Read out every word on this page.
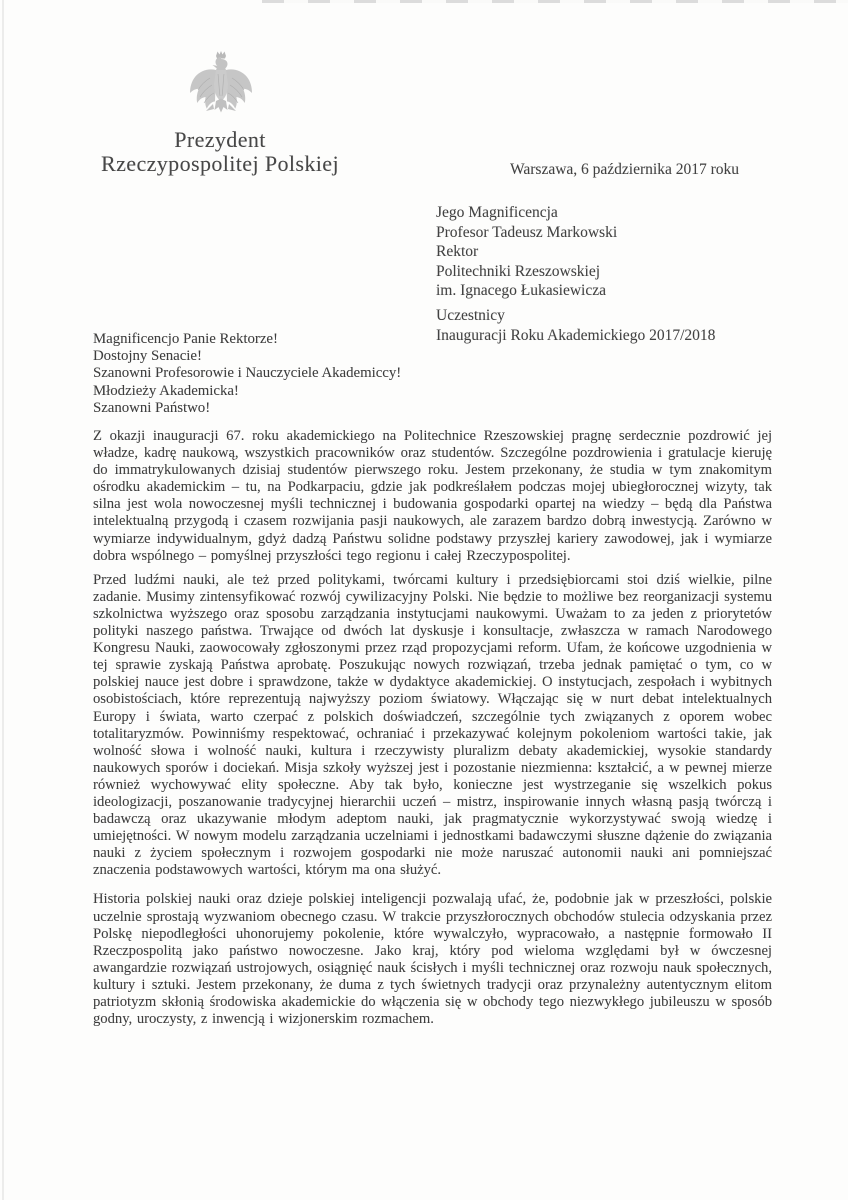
Prezydent
Rzeczypospolitej Polskiej	Warszawa, 6 października 2017 roku
Jego Magnificencja
Profesor Tadeusz Markowski
Rektor
Politechniki Rzeszowskiej
im. Ignacego Łukasiewicza
Uczestnicy
Inauguracji Roku Akademickiego 2017/2018
Magnificencjo Panie Rektorze!
Dostojny Senacie!
Szanowni Profesorowie i Nauczyciele Akademiccy!
Młodzieży Akademicka!
Szanowni Państwo!

Z okazji inauguracji 67. roku akademickiego na Politechnice Rzeszowskiej pragnę serdecznie pozdrowić jej władze, kadrę naukową, wszystkich pracowników oraz studentów. Szczególne pozdrowienia i gratulacje kieruję do immatrykulowanych dzisiaj studentów pierwszego roku. Jestem przekonany, że studia w tym znakomitym ośrodku akademickim – tu, na Podkarpaciu, gdzie jak podkreślałem podczas mojej ubiegłorocznej wizyty, tak silna jest wola nowoczesnej myśli technicznej i budowania gospodarki opartej na wiedzy – będą dla Państwa intelektualną przygodą i czasem rozwijania pasji naukowych, ale zarazem bardzo dobrą inwestycją. Zarówno w wymiarze indywidualnym, gdyż dadzą Państwu solidne podstawy przyszłej kariery zawodowej, jak i wymiarze dobra wspólnego – pomyślnej przyszłości tego regionu i całej Rzeczypospolitej.

Przed ludźmi nauki, ale też przed politykami, twórcami kultury i przedsiębiorcami stoi dziś wielkie, pilne zadanie. Musimy zintensyfikować rozwój cywilizacyjny Polski. Nie będzie to możliwe bez reorganizacji systemu szkolnictwa wyższego oraz sposobu zarządzania instytucjami naukowymi. Uważam to za jeden z priorytetów polityki naszego państwa. Trwające od dwóch lat dyskusje i konsultacje, zwłaszcza w ramach Narodowego Kongresu Nauki, zaowocowały zgłoszonymi przez rząd propozycjami reform. Ufam, że końcowe uzgodnienia w tej sprawie zyskają Państwa aprobatę. Poszukując nowych rozwiązań, trzeba jednak pamiętać o tym, co w polskiej nauce jest dobre i sprawdzone, także w dydaktyce akademickiej. O instytucjach, zespołach i wybitnych osobistościach, które reprezentują najwyższy poziom światowy. Włączając się w nurt debat intelektualnych Europy i świata, warto czerpać z polskich doświadczeń, szczególnie tych związanych z oporem wobec totalitaryzmów. Powinniśmy respektować, ochraniać i przekazywać kolejnym pokoleniom wartości takie, jak wolność słowa i wolność nauki, kultura i rzeczywisty pluralizm debaty akademickiej, wysokie standardy naukowych sporów i dociekań. Misja szkoły wyższej jest i pozostanie niezmienna: kształcić, a w pewnej mierze również wychowywać elity społeczne. Aby tak było, konieczne jest wystrzeganie się wszelkich pokus ideologizacji, poszanowanie tradycyjnej hierarchii uczeń – mistrz, inspirowanie innych własną pasją twórczą i badawczą oraz ukazywanie młodym adeptom nauki, jak pragmatycznie wykorzystywać swoją wiedzę i umiejętności. W nowym modelu zarządzania uczelniami i jednostkami badawczymi słuszne dążenie do związania nauki z życiem społecznym i rozwojem gospodarki nie może naruszać autonomii nauki ani pomniejszać znaczenia podstawowych wartości, którym ma ona służyć.

Historia polskiej nauki oraz dzieje polskiej inteligencji pozwalają ufać, że, podobnie jak w przeszłości, polskie uczelnie sprostają wyzwaniom obecnego czasu. W trakcie przyszłorocznych obchodów stulecia odzyskania przez Polskę niepodległości uhonorujemy pokolenie, które wywalczyło, wypracowało, a następnie formowało II Rzeczpospolitą jako państwo nowoczesne. Jako kraj, który pod wieloma względami był w ówczesnej awangardzie rozwiązań ustrojowych, osiągnięć nauk ścisłych i myśli technicznej oraz rozwoju nauk społecznych, kultury i sztuki. Jestem przekonany, że duma z tych świetnych tradycji oraz przynależny autentycznym elitom patriotyzm skłonią środowiska akademickie do włączenia się w obchody tego niezwykłego jubileuszu w sposób godny, uroczysty, z inwencją i wizjonerskim rozmachem.
